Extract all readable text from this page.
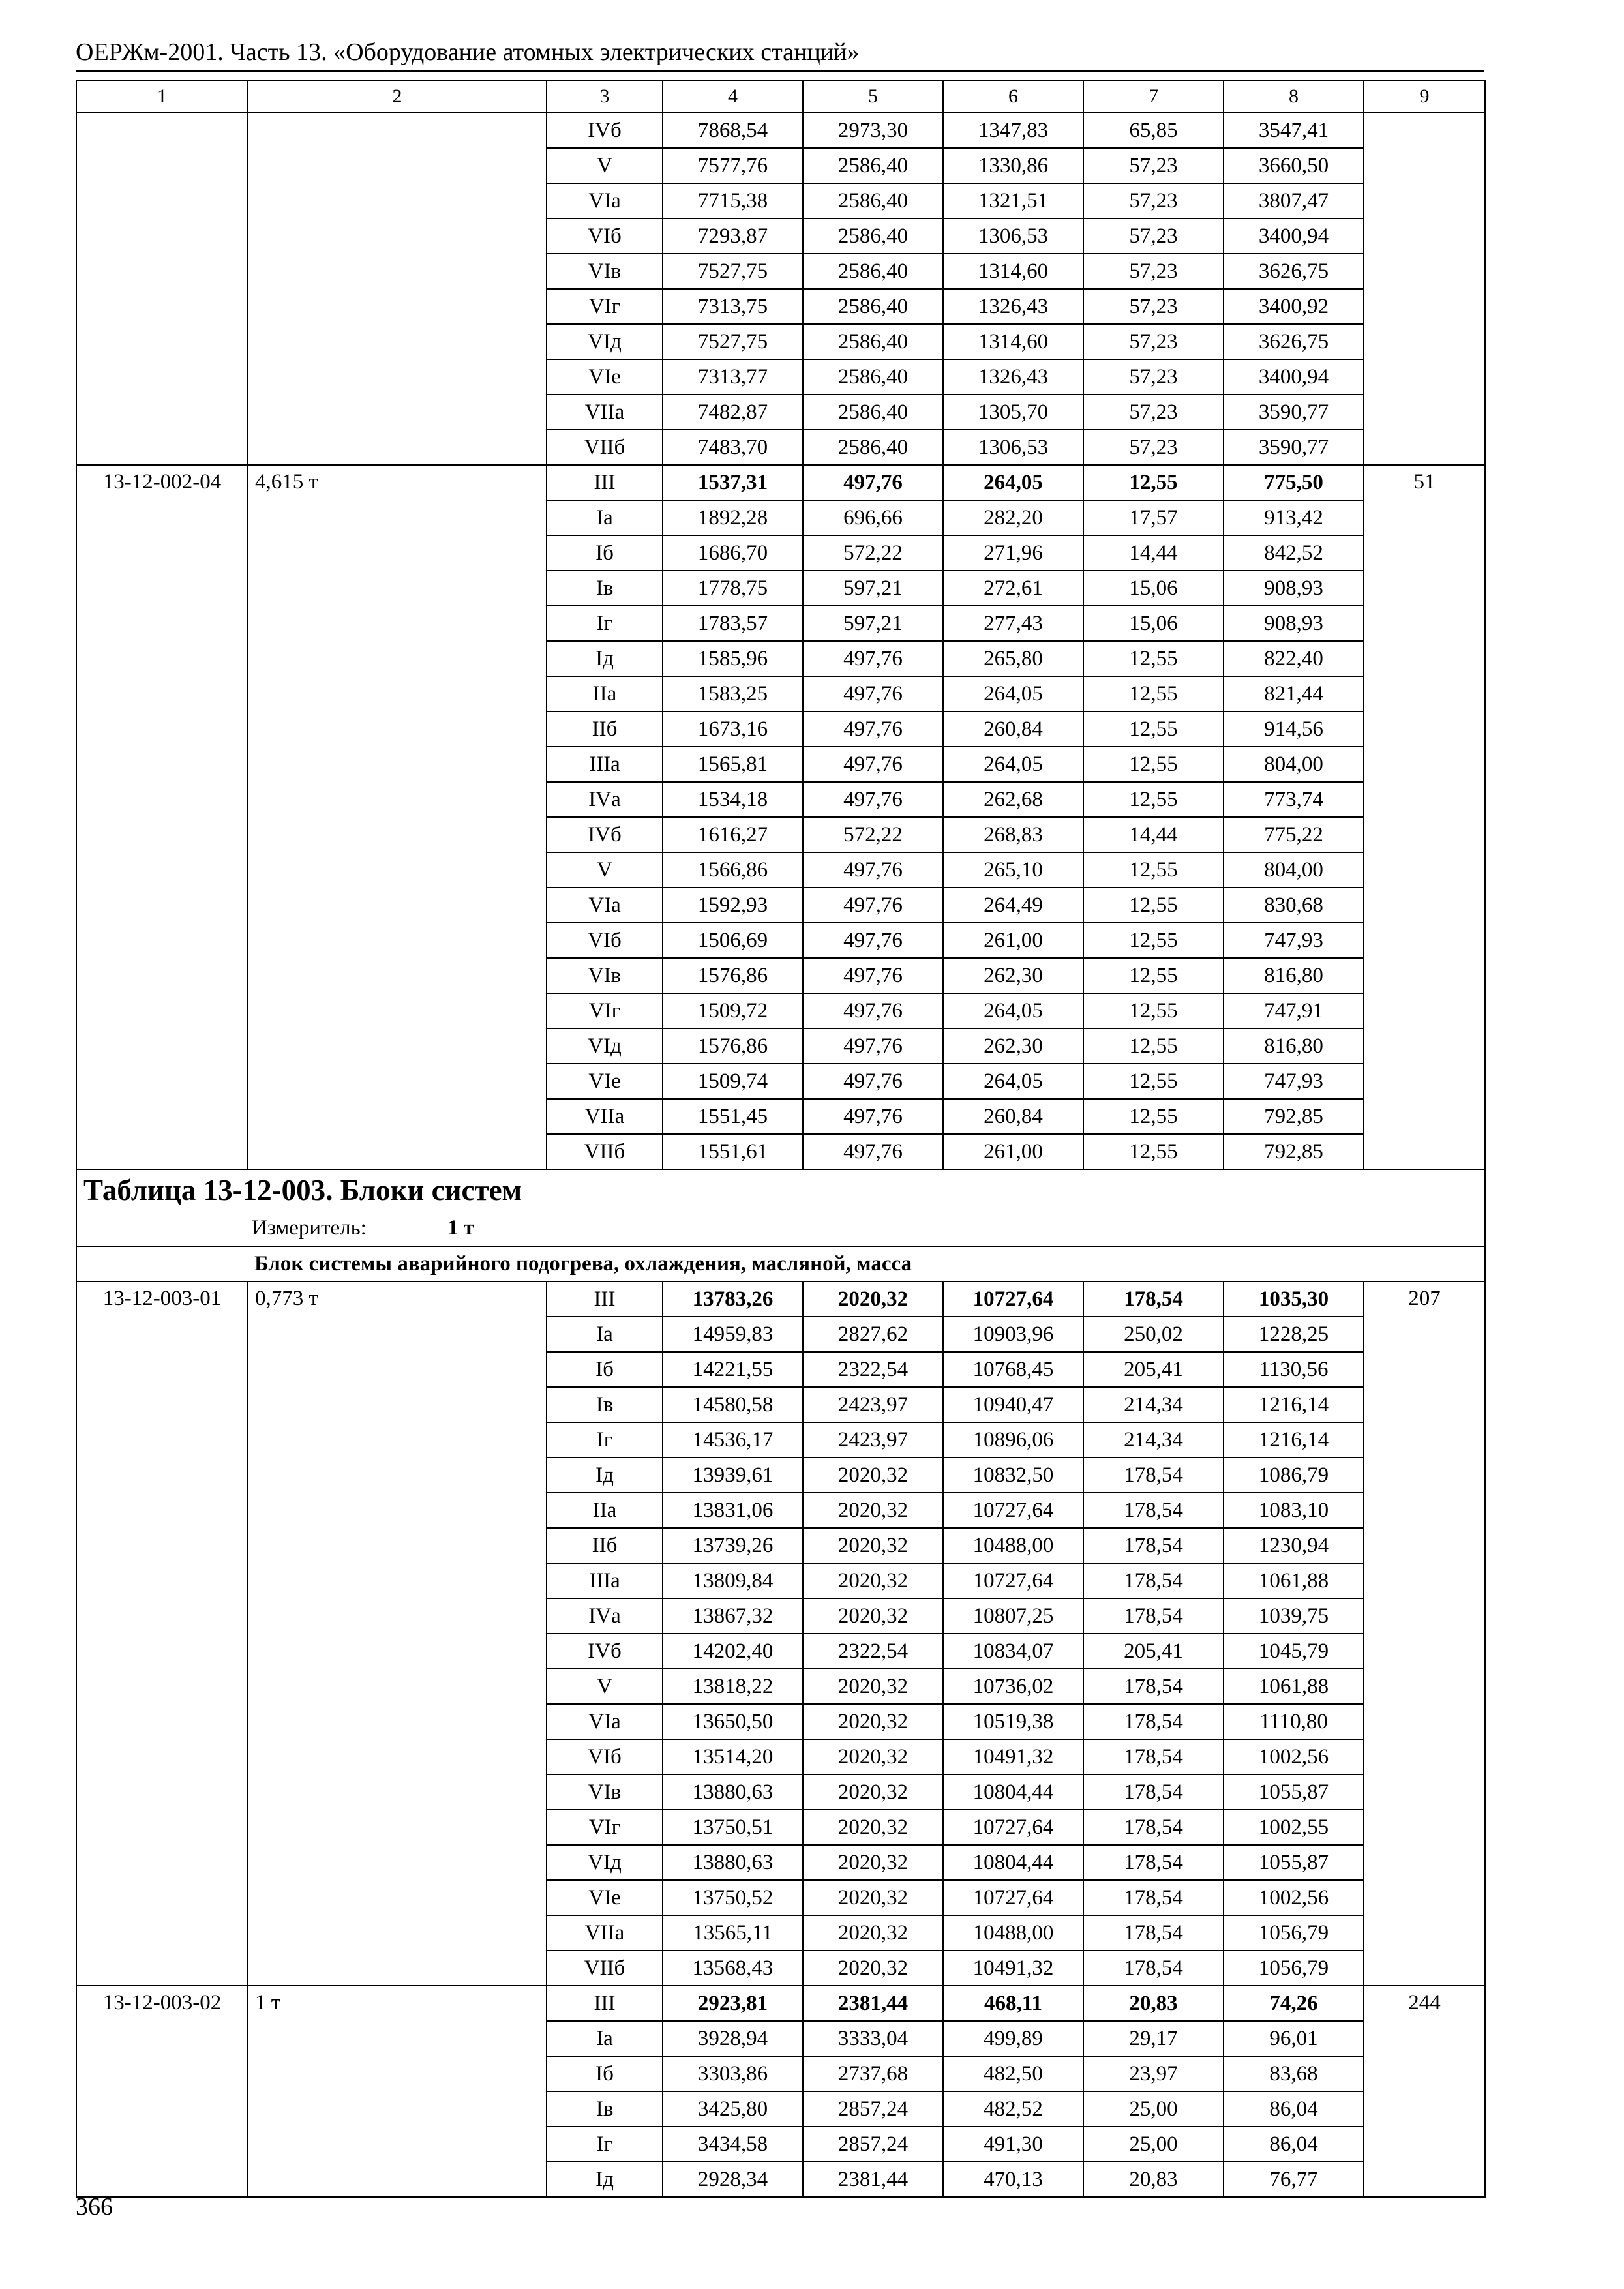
ОЕРЖм-2001. Часть 13. «Оборудование атомных электрических станций»
1	2	3	4	5	6	7	8	9
		IVб	7868,54	2973,30	1347,83	65,85	3547,41	
		V	7577,76	2586,40	1330,86	57,23	3660,50	
		VIа	7715,38	2586,40	1321,51	57,23	3807,47	
		VIб	7293,87	2586,40	1306,53	57,23	3400,94	
		VIв	7527,75	2586,40	1314,60	57,23	3626,75	
		VIг	7313,75	2586,40	1326,43	57,23	3400,92	
		VIд	7527,75	2586,40	1314,60	57,23	3626,75	
		VIе	7313,77	2586,40	1326,43	57,23	3400,94	
		VIIа	7482,87	2586,40	1305,70	57,23	3590,77	
		VIIб	7483,70	2586,40	1306,53	57,23	3590,77	
13-12-002-04	4,615 т	III	1537,31	497,76	264,05	12,55	775,50	51
		Iа	1892,28	696,66	282,20	17,57	913,42	
		Iб	1686,70	572,22	271,96	14,44	842,52	
		Iв	1778,75	597,21	272,61	15,06	908,93	
		Iг	1783,57	597,21	277,43	15,06	908,93	
		Iд	1585,96	497,76	265,80	12,55	822,40	
		IIа	1583,25	497,76	264,05	12,55	821,44	
		IIб	1673,16	497,76	260,84	12,55	914,56	
		IIIа	1565,81	497,76	264,05	12,55	804,00	
		IVа	1534,18	497,76	262,68	12,55	773,74	
		IVб	1616,27	572,22	268,83	14,44	775,22	
		V	1566,86	497,76	265,10	12,55	804,00	
		VIа	1592,93	497,76	264,49	12,55	830,68	
		VIб	1506,69	497,76	261,00	12,55	747,93	
		VIв	1576,86	497,76	262,30	12,55	816,80	
		VIг	1509,72	497,76	264,05	12,55	747,91	
		VIд	1576,86	497,76	262,30	12,55	816,80	
		VIе	1509,74	497,76	264,05	12,55	747,93	
		VIIа	1551,45	497,76	260,84	12,55	792,85	
		VIIб	1551,61	497,76	261,00	12,55	792,85	
Таблица 13-12-003. Блоки систем								
Измеритель: 1 т								
Блок системы аварийного подогрева, охлаждения, масляной, масса								
13-12-003-01	0,773 т	III	13783,26	2020,32	10727,64	178,54	1035,30	207
		Iа	14959,83	2827,62	10903,96	250,02	1228,25	
		Iб	14221,55	2322,54	10768,45	205,41	1130,56	
		Iв	14580,58	2423,97	10940,47	214,34	1216,14	
		Iг	14536,17	2423,97	10896,06	214,34	1216,14	
		Iд	13939,61	2020,32	10832,50	178,54	1086,79	
		IIа	13831,06	2020,32	10727,64	178,54	1083,10	
		IIб	13739,26	2020,32	10488,00	178,54	1230,94	
		IIIа	13809,84	2020,32	10727,64	178,54	1061,88	
		IVа	13867,32	2020,32	10807,25	178,54	1039,75	
		IVб	14202,40	2322,54	10834,07	205,41	1045,79	
		V	13818,22	2020,32	10736,02	178,54	1061,88	
		VIа	13650,50	2020,32	10519,38	178,54	1110,80	
		VIб	13514,20	2020,32	10491,32	178,54	1002,56	
		VIв	13880,63	2020,32	10804,44	178,54	1055,87	
		VIг	13750,51	2020,32	10727,64	178,54	1002,55	
		VIд	13880,63	2020,32	10804,44	178,54	1055,87	
		VIе	13750,52	2020,32	10727,64	178,54	1002,56	
		VIIа	13565,11	2020,32	10488,00	178,54	1056,79	
		VIIб	13568,43	2020,32	10491,32	178,54	1056,79	
13-12-003-02	1 т	III	2923,81	2381,44	468,11	20,83	74,26	244
		Iа	3928,94	3333,04	499,89	29,17	96,01	
		Iб	3303,86	2737,68	482,50	23,97	83,68	
		Iв	3425,80	2857,24	482,52	25,00	86,04	
		Iг	3434,58	2857,24	491,30	25,00	86,04	
		Iд	2928,34	2381,44	470,13	20,83	76,77	
366
